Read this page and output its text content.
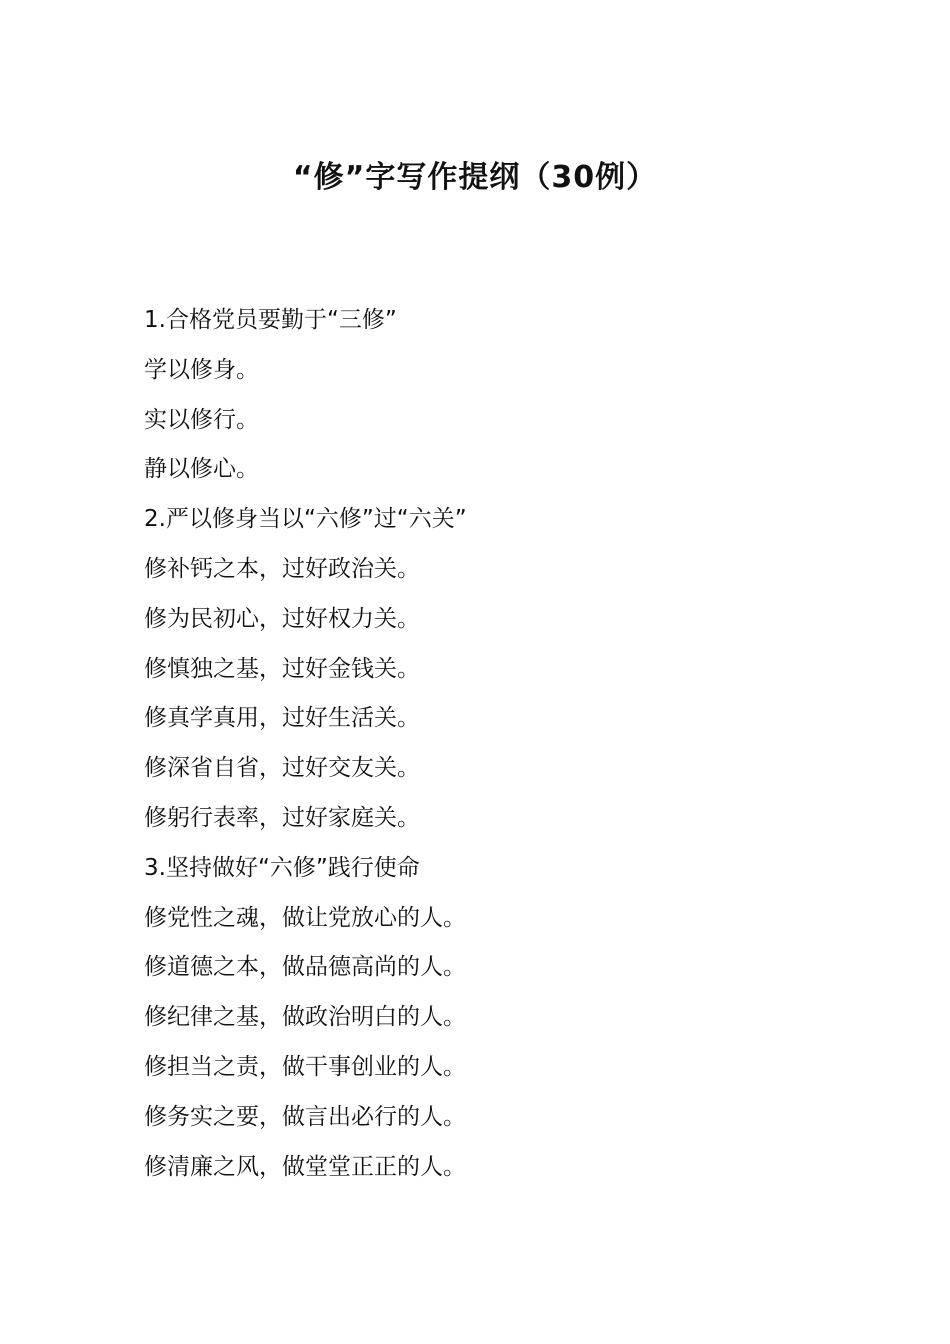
“修”字写作提纲（30例）
1.合格党员要勤于“三修”
学以修身。
实以修行。
静以修心。
2.严以修身当以“六修”过“六关”
修补钙之本，过好政治关。
修为民初心，过好权力关。
修慎独之基，过好金钱关。
修真学真用，过好生活关。
修深省自省，过好交友关。
修躬行表率，过好家庭关。
3.坚持做好“六修”践行使命
修党性之魂，做让党放心的人。
修道德之本，做品德高尚的人。
修纪律之基，做政治明白的人。
修担当之责，做干事创业的人。
修务实之要，做言出必行的人。
修清廉之风，做堂堂正正的人。
